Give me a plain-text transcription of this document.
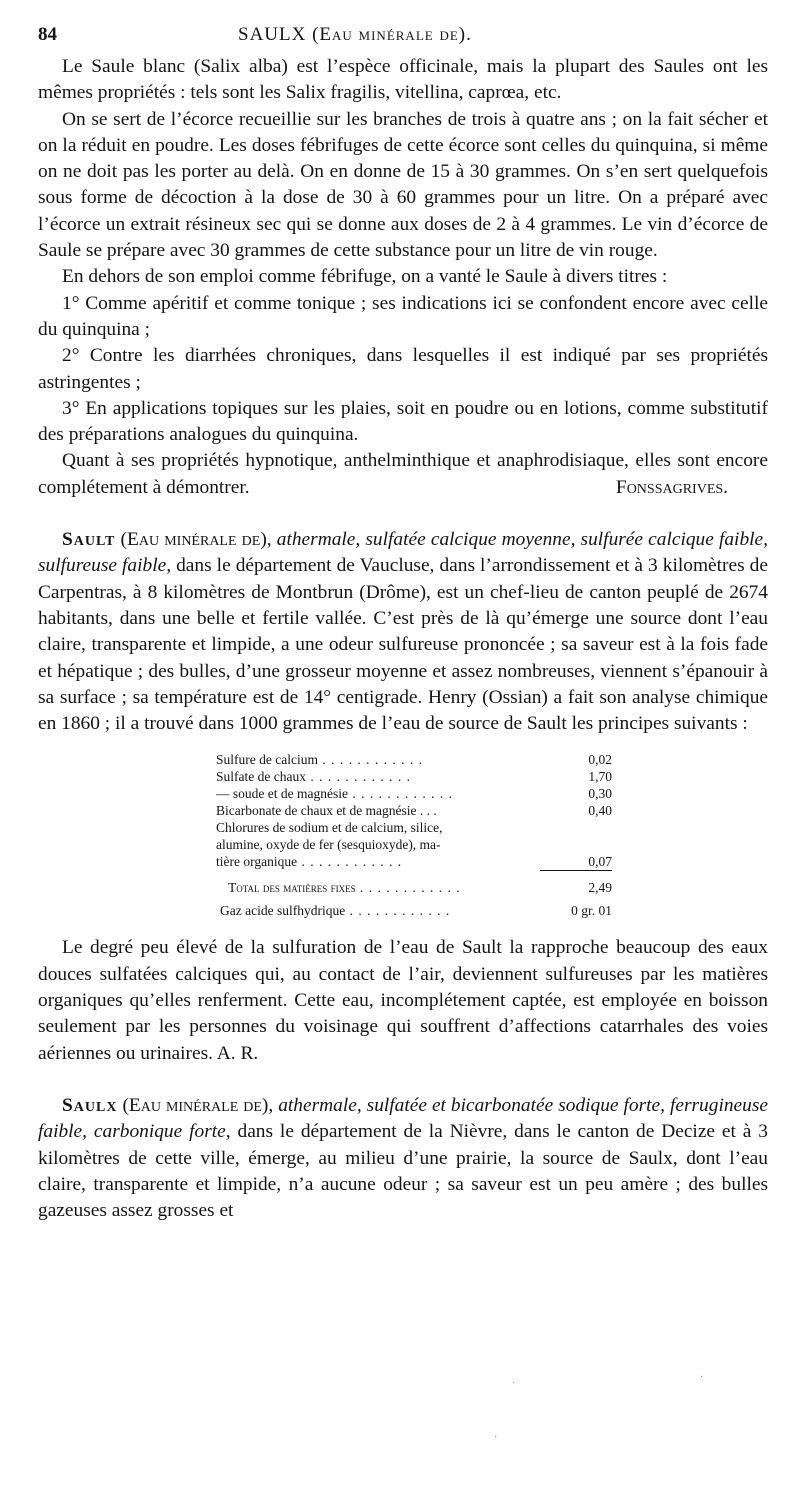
84	SAULX (Eau minérale de).

Le Saule blanc (Salix alba) est l’espèce officinale, mais la plupart des Saules ont les mêmes propriétés : tels sont les Salix fragilis, vitellina, caprœa, etc.

On se sert de l’écorce recueillie sur les branches de trois à quatre ans ; on la fait sécher et on la réduit en poudre. Les doses fébrifuges de cette écorce sont celles du quinquina, si même on ne doit pas les porter au delà. On en donne de 15 à 30 grammes. On s’en sert quelquefois sous forme de décoction à la dose de 30 à 60 grammes pour un litre. On a préparé avec l’écorce un extrait résineux sec qui se donne aux doses de 2 à 4 grammes. Le vin d’écorce de Saule se prépare avec 30 grammes de cette substance pour un litre de vin rouge.

En dehors de son emploi comme fébrifuge, on a vanté le Saule à divers titres :

1° Comme apéritif et comme tonique ; ses indications ici se confondent encore avec celle du quinquina ;

2° Contre les diarrhées chroniques, dans lesquelles il est indiqué par ses propriétés astringentes ;

3° En applications topiques sur les plaies, soit en poudre ou en lotions, comme substitutif des préparations analogues du quinquina.

Quant à ses propriétés hypnotique, anthelminthique et anaphrodisiaque, elles sont encore complétement à démontrer.	Fonssagrives.

Sault (Eau minérale de), athermale, sulfatée calcique moyenne, sulfurée calcique faible, sulfureuse faible, dans le département de Vaucluse, dans l’arrondissement et à 3 kilomètres de Carpentras, à 8 kilomètres de Montbrun (Drôme), est un chef-lieu de canton peuplé de 2674 habitants, dans une belle et fertile vallée. C’est près de là qu’émerge une source dont l’eau claire, transparente et limpide, a une odeur sulfureuse prononcée ; sa saveur est à la fois fade et hépatique ; des bulles, d’une grosseur moyenne et assez nombreuses, viennent s’épanouir à sa surface ; sa température est de 14° centigrade. Henry (Ossian) a fait son analyse chimique en 1860 ; il a trouvé dans 1000 grammes de l’eau de source de Sault les principes suivants :

Sulfure de calcium . . .	0,02
Sulfate de chaux . . .	1,70
— soude et de magnésie . . .	0,30
Bicarbonate de chaux et de magnésie . . .	0,40
Chlorures de sodium et de calcium, silice,	
alumine, oxyde de fer (sesquioxyde), ma-	
tière organique . . .	0,07
Total des matières fixes . . .	2,49
Gaz acide sulfhydrique . . .	0 gr. 01

Le degré peu élevé de la sulfuration de l’eau de Sault la rapproche beaucoup des eaux douces sulfatées calciques qui, au contact de l’air, deviennent sulfureuses par les matières organiques qu’elles renferment. Cette eau, incomplétement captée, est employée en boisson seulement par les personnes du voisinage qui souffrent d’affections catarrhales des voies aériennes ou urinaires. A. R.

Saulx (Eau minérale de), athermale, sulfatée et bicarbonatée sodique forte, ferrugineuse faible, carbonique forte, dans le département de la Nièvre, dans le canton de Decize et à 3 kilomètres de cette ville, émerge, au milieu d’une prairie, la source de Saulx, dont l’eau claire, transparente et limpide, n’a aucune odeur ; sa saveur est un peu amère ; des bulles gazeuses assez grosses et

·
·
·
